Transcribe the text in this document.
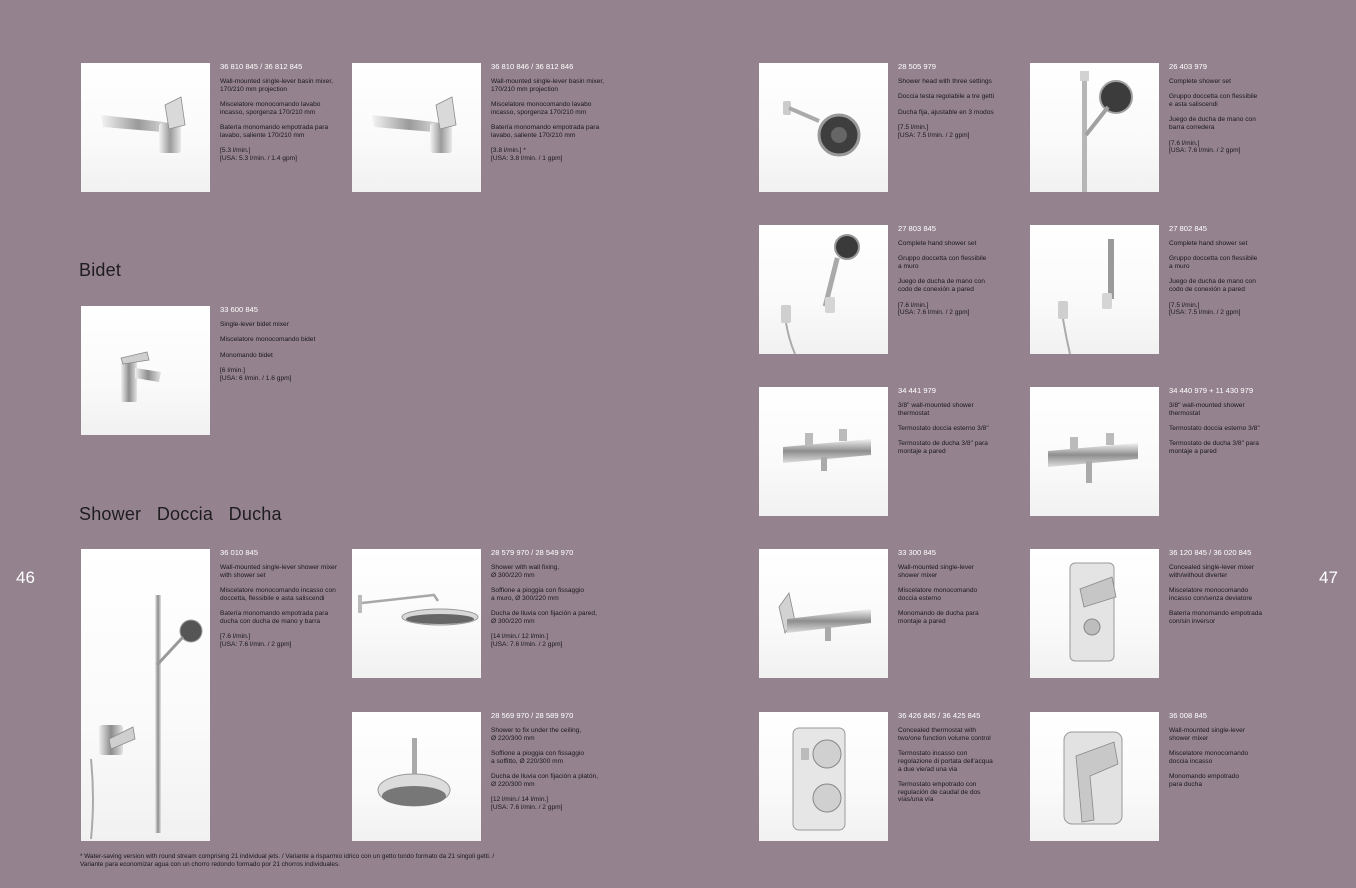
46	47
Bidet
Shower   Doccia   Ducha
36 810 845 / 36 812 845
Wall-mounted single-lever basin mixer, 170/210 mm projection
Miscelatore monocomando lavabo incasso, sporgenza 170/210 mm
Batería monomando empotrada para lavabo, saliente 170/210 mm
[5.3 l/min.]
[USA: 5.3 l/min. / 1.4 gpm]
36 810 846 / 36 812 846
Wall-mounted single-lever basin mixer, 170/210 mm projection
Miscelatore monocomando lavabo incasso, sporgenza 170/210 mm
Batería monomando empotrada para lavabo, saliente 170/210 mm
[3.8 l/min.] *
[USA: 3.8 l/min. / 1 gpm]
33 600 845
Single-lever bidet mixer
Miscelatore monocomando bidet
Monomando bidet
[6 l/min.]
[USA: 6 l/min. / 1.6 gpm]
36 010 845
Wall-mounted single-lever shower mixer with shower set
Miscelatore monocomando incasso con doccetta, flessibile e asta saliscendi
Batería monomando empotrada para ducha con ducha de mano y barra
[7.6 l/min.]
[USA: 7.6 l/min. / 2 gpm]
28 579 970 / 28 549 970
Shower with wall fixing,
Ø 300/220 mm
Soffione a pioggia con fissaggio
a muro, Ø 300/220 mm
Ducha de lluvia con fijación a pared,
Ø 300/220 mm
[14 l/min./ 12 l/min.]
[USA: 7.6 l/min. / 2 gpm]
28 569 970 / 28 589 970
Shower to fix under the ceiling,
Ø 220/300 mm
Soffione a pioggia con fissaggio
a soffitto, Ø 220/300 mm
Ducha de lluvia con fijación a platón,
Ø 220/300 mm
[12 l/min./ 14 l/min.]
[USA: 7.6 l/min. / 2 gpm]
28 505 979
Shower head with three settings
Doccia testa regolabile a tre getti
Ducha fija, ajustable en 3 modos
[7.5 l/min.]
[USA: 7.5 l/min. / 2 gpm]
26 403 979
Complete shower set
Gruppo doccetta con flessibile
e asta saliscendi
Juego de ducha de mano con
barra corredera
[7.6 l/min.]
[USA: 7.6 l/min. / 2 gpm]
27 803 845
Complete hand shower set
Gruppo doccetta con flessibile
a muro
Juego de ducha de mano con
codo de conexión a pared
[7.6 l/min.]
[USA: 7.6 l/min. / 2 gpm]
27 802 845
Complete hand shower set
Gruppo doccetta con flessibile
a muro
Juego de ducha de mano con
codo de conexión a pared
[7.5 l/min.]
[USA: 7.5 l/min. / 2 gpm]
34 441 979
3/8" wall-mounted shower
thermostat
Termostato doccia esterno 3/8"
Termostato de ducha 3/8" para
montaje a pared
34 440 979 + 11 430 979
3/8" wall-mounted shower
thermostat
Termostato doccia esterno 3/8"
Termostato de ducha 3/8" para
montaje a pared
33 300 845
Wall-mounted single-lever
shower mixer
Miscelatore monocomando
doccia esterno
Monomando de ducha para
montaje a pared
36 120 845 / 36 020 845
Concealed single-lever mixer
with/without diverter
Miscelatore monocomando
incasso con/senza deviatore
Batería monomando empotrada
con/sin inversor
36 426 845 / 36 425 845
Concealed thermostat with
two/one function volume control
Termostato incasso con
regolazione di portata dell'acqua
a due vie/ad una via
Termostato empotrado con
regulación de caudal de dos
vías/una vía
36 008 845
Wall-mounted single-lever
shower mixer
Miscelatore monocomando
doccia incasso
Monomando empotrado
para ducha
* Water-saving version with round stream comprising 21 individual jets. / Variante a risparmio idrico con un getto tondo formato da 21 singoli getti. /
Variante para economizar agua con un chorro redondo formado por 21 chorros individuales.
